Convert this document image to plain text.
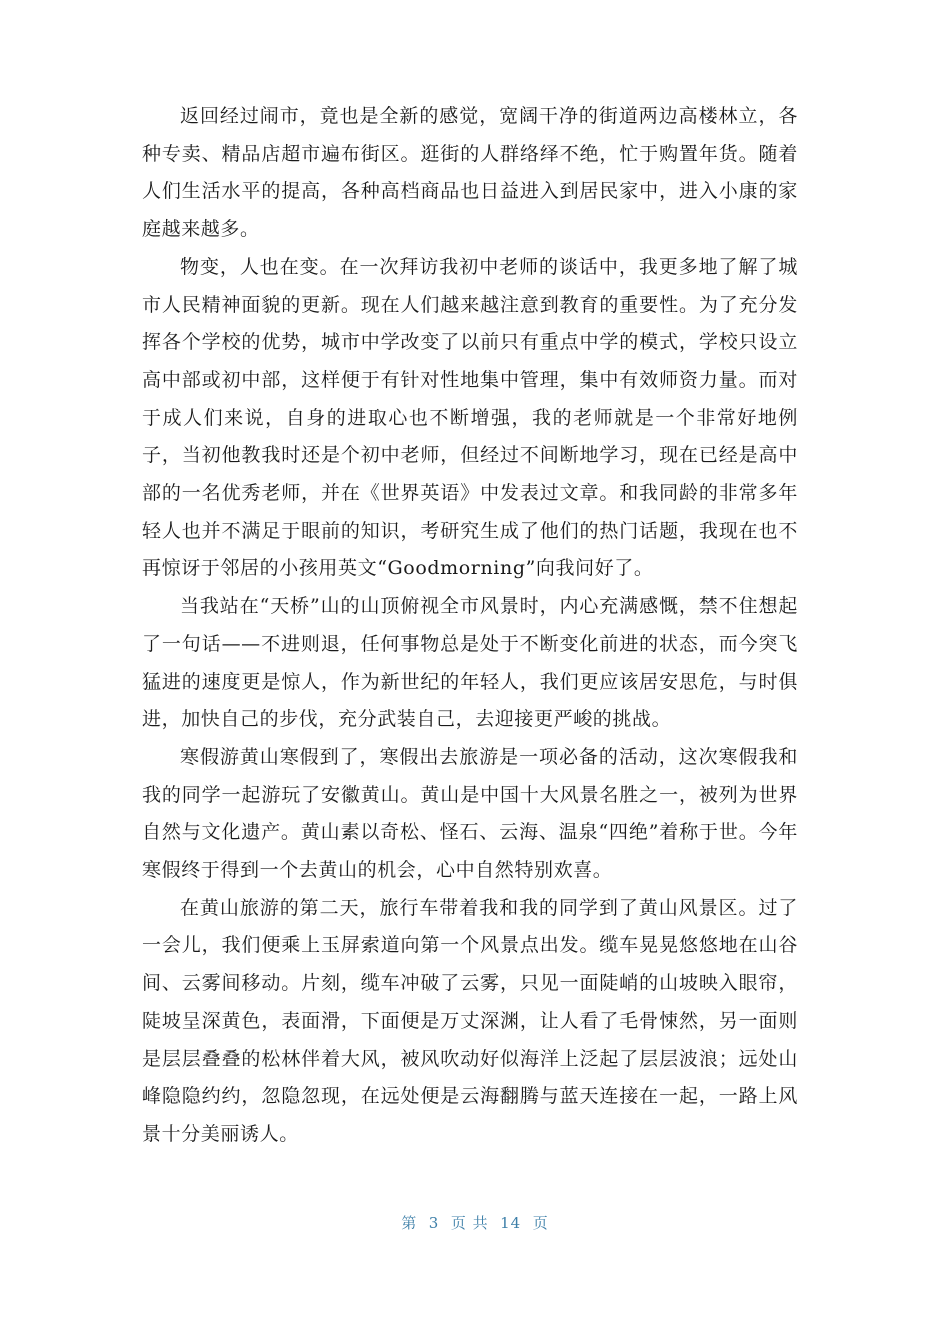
返回经过闹市，竟也是全新的感觉，宽阔干净的街道两边高楼林立，各种专卖、精品店超市遍布街区。逛街的人群络绎不绝，忙于购置年货。随着人们生活水平的提高，各种高档商品也日益进入到居民家中，进入小康的家庭越来越多。

物变，人也在变。在一次拜访我初中老师的谈话中，我更多地了解了城市人民精神面貌的更新。现在人们越来越注意到教育的重要性。为了充分发挥各个学校的优势，城市中学改变了以前只有重点中学的模式，学校只设立高中部或初中部，这样便于有针对性地集中管理，集中有效师资力量。而对于成人们来说，自身的进取心也不断增强，我的老师就是一个非常好地例子，当初他教我时还是个初中老师，但经过不间断地学习，现在已经是高中部的一名优秀老师，并在《世界英语》中发表过文章。和我同龄的非常多年轻人也并不满足于眼前的知识，考研究生成了他们的热门话题，我现在也不再惊讶于邻居的小孩用英文“Goodmorning”向我问好了。

当我站在“天桥”山的山顶俯视全市风景时，内心充满感慨，禁不住想起了一句话——不进则退，任何事物总是处于不断变化前进的状态，而今突飞猛进的速度更是惊人，作为新世纪的年轻人，我们更应该居安思危，与时俱进，加快自己的步伐，充分武装自己，去迎接更严峻的挑战。

寒假游黄山寒假到了，寒假出去旅游是一项必备的活动，这次寒假我和我的同学一起游玩了安徽黄山。黄山是中国十大风景名胜之一，被列为世界自然与文化遗产。黄山素以奇松、怪石、云海、温泉“四绝”着称于世。今年寒假终于得到一个去黄山的机会，心中自然特别欢喜。

在黄山旅游的第二天，旅行车带着我和我的同学到了黄山风景区。过了一会儿，我们便乘上玉屏索道向第一个风景点出发。缆车晃晃悠悠地在山谷间、云雾间移动。片刻，缆车冲破了云雾，只见一面陡峭的山坡映入眼帘，陡坡呈深黄色，表面滑，下面便是万丈深渊，让人看了毛骨悚然，另一面则是层层叠叠的松林伴着大风，被风吹动好似海洋上泛起了层层波浪；远处山峰隐隐约约，忽隐忽现，在远处便是云海翻腾与蓝天连接在一起，一路上风景十分美丽诱人。

第  3  页 共  14  页
